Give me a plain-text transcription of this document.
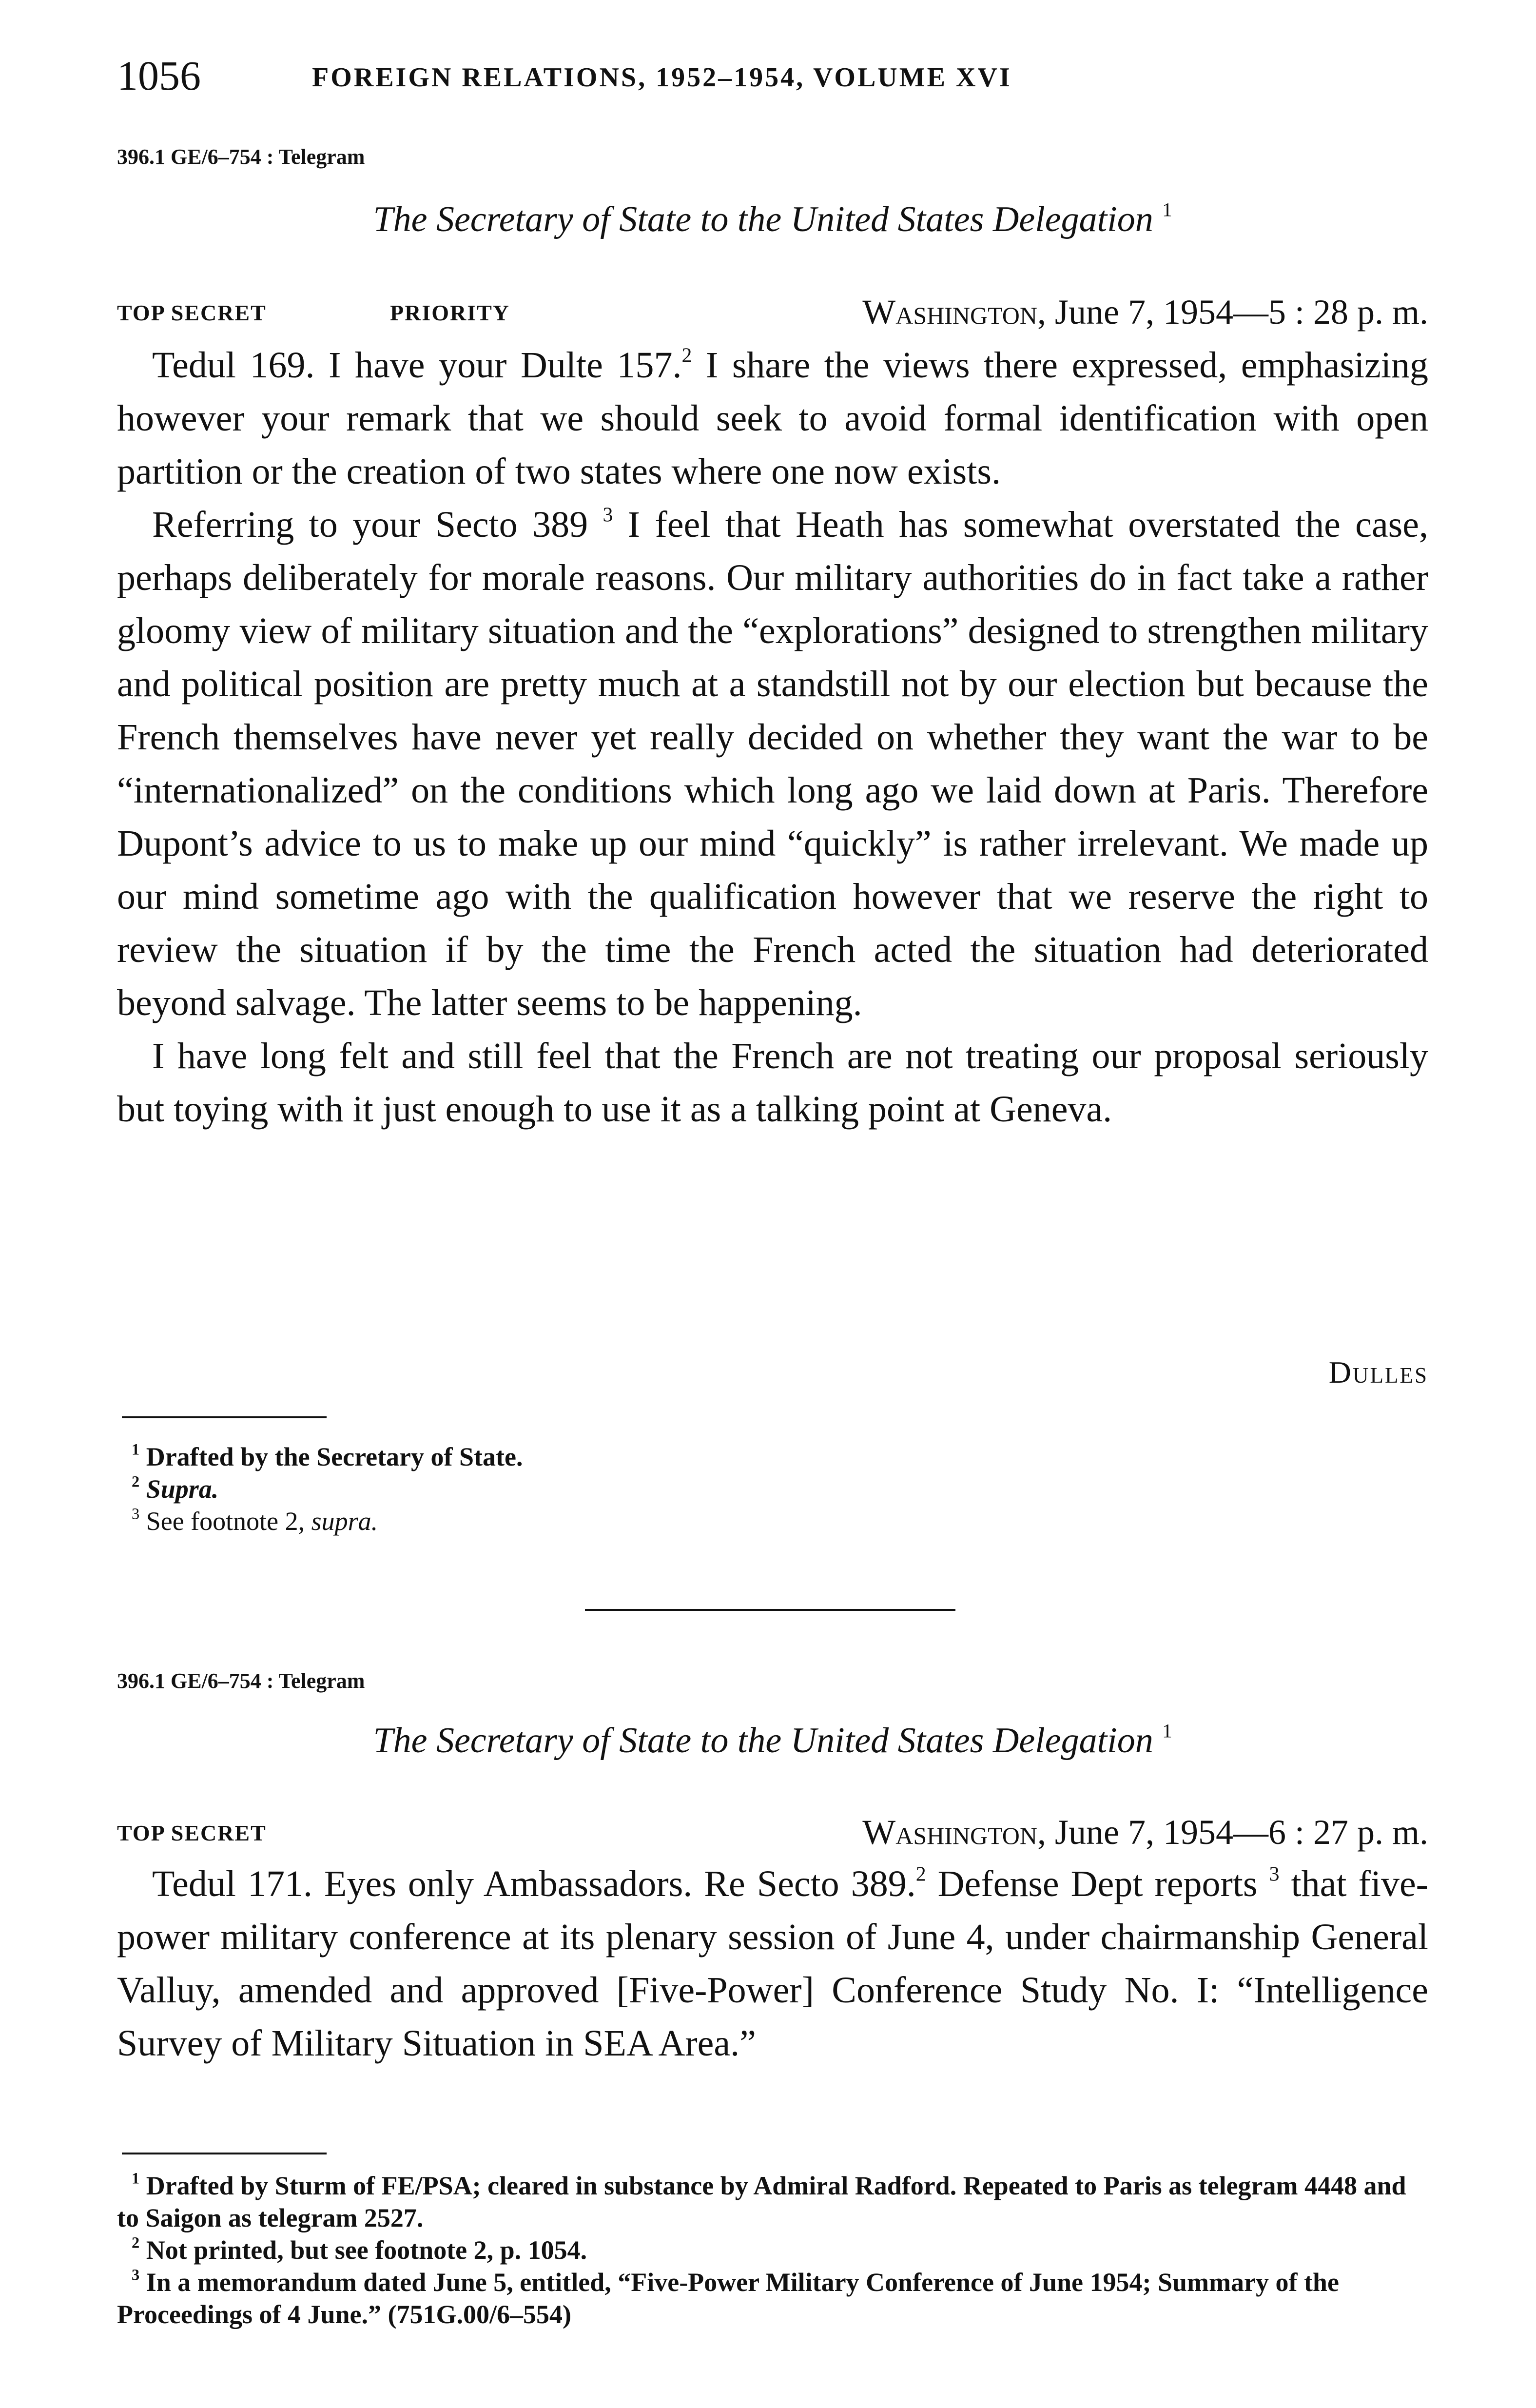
1056	FOREIGN RELATIONS, 1952–1954, VOLUME XVI
396.1 GE/6–754 : Telegram
The Secretary of State to the United States Delegation $^1$
TOP SECRET	PRIORITY	Washington, June 7, 1954—5 : 28 p. m.

Tedul 169. I have your Dulte 157.$^2$ I share the views there expressed, emphasizing however your remark that we should seek to avoid formal identification with open partition or the creation of two states where one now exists.

Referring to your Secto 389 $^3$ I feel that Heath has somewhat overstated the case, perhaps deliberately for morale reasons. Our military authorities do in fact take a rather gloomy view of military situation and the “explorations” designed to strengthen military and political position are pretty much at a standstill not by our election but because the French themselves have never yet really decided on whether they want the war to be “internationalized” on the conditions which long ago we laid down at Paris. Therefore Dupont’s advice to us to make up our mind “quickly” is rather irrelevant. We made up our mind sometime ago with the qualification however that we reserve the right to review the situation if by the time the French acted the situation had deteriorated beyond salvage. The latter seems to be happening.

I have long felt and still feel that the French are not treating our proposal seriously but toying with it just enough to use it as a talking point at Geneva.

Dulles

$^1$ Drafted by the Secretary of State.

$^2$ Supra.

$^3$ See footnote 2, supra.

396.1 GE/6–754 : Telegram
The Secretary of State to the United States Delegation $^1$
TOP SECRET	Washington, June 7, 1954—6 : 27 p. m.

Tedul 171. Eyes only Ambassadors. Re Secto 389.$^2$ Defense Dept reports $^3$ that five-power military conference at its plenary session of June 4, under chairmanship General Valluy, amended and approved [Five-Power] Conference Study No. I: “Intelligence Survey of Military Situation in SEA Area.”

$^1$ Drafted by Sturm of FE/PSA; cleared in substance by Admiral Radford. Repeated to Paris as telegram 4448 and to Saigon as telegram 2527.

$^2$ Not printed, but see footnote 2, p. 1054.

$^3$ In a memorandum dated June 5, entitled, “Five-Power Military Conference of June 1954; Summary of the Proceedings of 4 June.” (751G.00/6–554)
